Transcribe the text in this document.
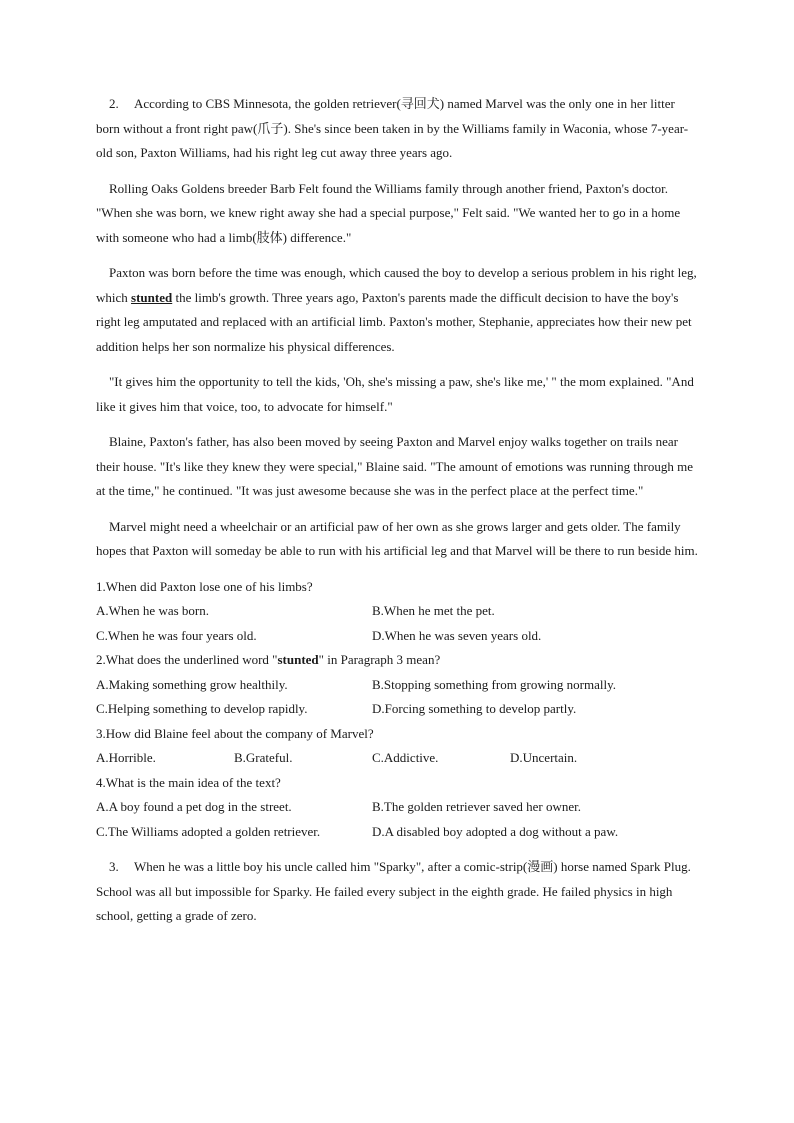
2. According to CBS Minnesota, the golden retriever(寻回犬) named Marvel was the only one in her litter born without a front right paw(爪子). She's since been taken in by the Williams family in Waconia, whose 7-year-old son, Paxton Williams, had his right leg cut away three years ago.

Rolling Oaks Goldens breeder Barb Felt found the Williams family through another friend, Paxton's doctor. "When she was born, we knew right away she had a special purpose," Felt said. "We wanted her to go in a home with someone who had a limb(肢体) difference."

Paxton was born before the time was enough, which caused the boy to develop a serious problem in his right leg, which stunted the limb's growth. Three years ago, Paxton's parents made the difficult decision to have the boy's right leg amputated and replaced with an artificial limb. Paxton's mother, Stephanie, appreciates how their new pet addition helps her son normalize his physical differences.

"It gives him the opportunity to tell the kids, 'Oh, she's missing a paw, she's like me,' " the mom explained. "And like it gives him that voice, too, to advocate for himself."

Blaine, Paxton's father, has also been moved by seeing Paxton and Marvel enjoy walks together on trails near their house. "It's like they knew they were special," Blaine said. "The amount of emotions was running through me at the time," he continued. "It was just awesome because she was in the perfect place at the perfect time."

Marvel might need a wheelchair or an artificial paw of her own as she grows larger and gets older. The family hopes that Paxton will someday be able to run with his artificial leg and that Marvel will be there to run beside him.

1.When did Paxton lose one of his limbs?

A.When he was born.	B.When he met the pet.
C.When he was four years old.	D.When he was seven years old.

2.What does the underlined word "stunted" in Paragraph 3 mean?

A.Making something grow healthily.	B.Stopping something from growing normally.
C.Helping something to develop rapidly.	D.Forcing something to develop partly.

3.How did Blaine feel about the company of Marvel?

A.Horrible.	B.Grateful.	C.Addictive.	D.Uncertain.

4.What is the main idea of the text?

A.A boy found a pet dog in the street.	B.The golden retriever saved her owner.
C.The Williams adopted a golden retriever.	D.A disabled boy adopted a dog without a paw.

3. When he was a little boy his uncle called him "Sparky", after a comic-strip(漫画) horse named Spark Plug. School was all but impossible for Sparky. He failed every subject in the eighth grade. He failed physics in high school, getting a grade of zero.
